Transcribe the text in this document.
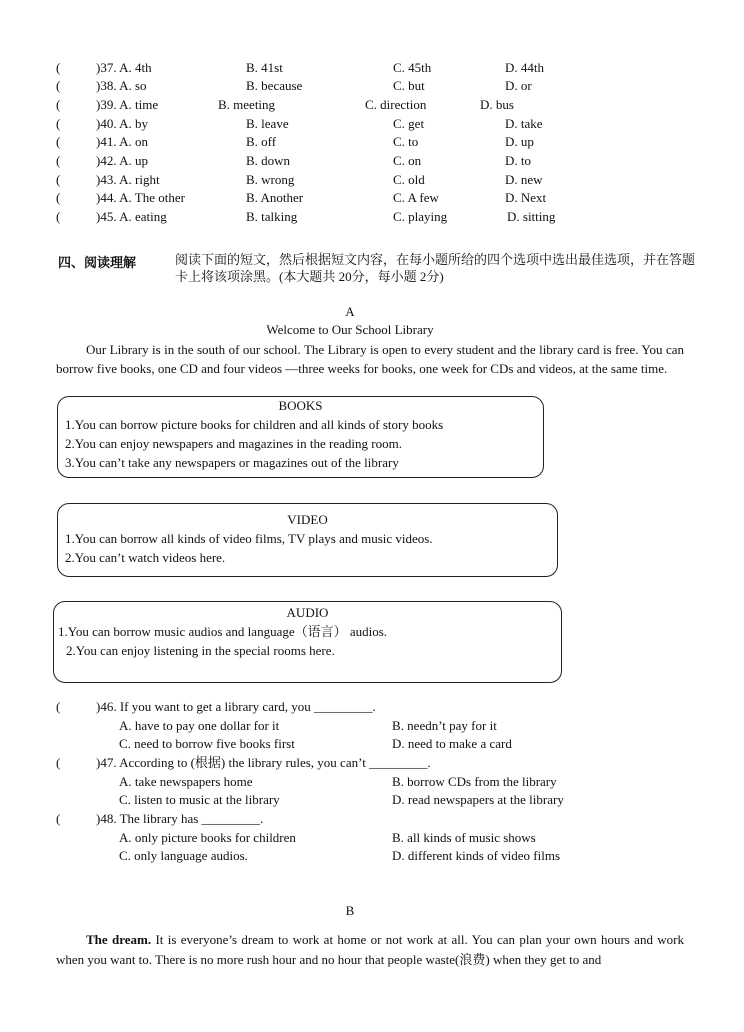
(	)37. A. 4th	B. 41st	C. 45th	D. 44th
(	)38. A. so	B. because	C. but	D. or
(	)39. A. time	B. meeting	C. direction	D. bus
(	)40. A. by	B. leave	C. get	D. take
(	)41. A. on	B. off	C. to	D. up
(	)42. A. up	B. down	C. on	D. to
(	)43. A. right	B. wrong	C. old	D. new
(	)44. A. The other	B. Another	C. A few	D. Next
(	)45. A. eating	B. talking	C. playing	D. sitting
四、阅读理解	阅读下面的短文，然后根据短文内容，在每小题所给的四个选项中选出最佳选项，并在答题卡上将该项涂黑。(本大题共 20分，每小题 2分)
A
Welcome to Our School Library
Our Library is in the south of our school. The Library is open to every student and the library card is free. You can borrow five books, one CD and four videos —three weeks for books, one week for CDs and videos, at the same time.
BOOKS
1.You can borrow picture books for children and all kinds of story books
2.You can enjoy newspapers and magazines in the reading room.
3.You can’t take any newspapers or magazines out of the library
VIDEO
1.You can borrow all kinds of video films, TV plays and music videos.
2.You can’t watch videos here.
AUDIO
1.You can borrow music audios and language（语言） audios.
2.You can enjoy listening in the special rooms here.
(	)46. If you want to get a library card, you _________.
A. have to pay one dollar for it	B. needn’t pay for it
C. need to borrow five books first	D. need to make a card
(	)47. According to (根据) the library rules, you can’t _________.
A. take newspapers home	B. borrow CDs from the library
C. listen to music at the library	D. read newspapers at the library
(	)48. The library has _________.
A. only picture books for children	B. all kinds of music shows
C. only language audios.	D. different kinds of video films
B
The dream. It is everyone’s dream to work at home or not work at all. You can plan your own hours and work when you want to. There is no more rush hour and no hour that people waste(浪费) when they get to and
